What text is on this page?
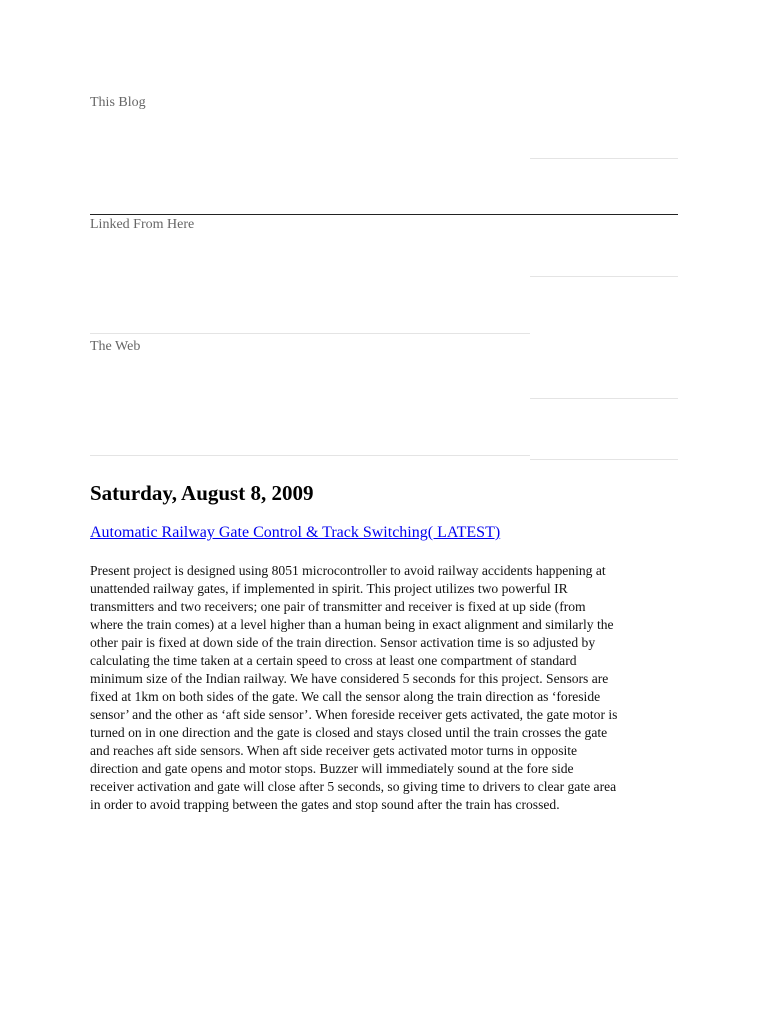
This Blog
Linked From Here
The Web
Saturday, August 8, 2009
Automatic Railway Gate Control & Track Switching( LATEST)

Present project is designed using 8051 microcontroller to avoid railway accidents happening at
unattended railway gates, if implemented in spirit. This project utilizes two powerful IR
transmitters and two receivers; one pair of transmitter and receiver is fixed at up side (from
where the train comes) at a level higher than a human being in exact alignment and similarly the
other pair is fixed at down side of the train direction. Sensor activation time is so adjusted by
calculating the time taken at a certain speed to cross at least one compartment of standard
minimum size of the Indian railway. We have considered 5 seconds for this project. Sensors are
fixed at 1km on both sides of the gate. We call the sensor along the train direction as ‘foreside
sensor’ and the other as ‘aft side sensor’. When foreside receiver gets activated, the gate motor is
turned on in one direction and the gate is closed and stays closed until the train crosses the gate
and reaches aft side sensors. When aft side receiver gets activated motor turns in opposite
direction and gate opens and motor stops. Buzzer will immediately sound at the fore side
receiver activation and gate will close after 5 seconds, so giving time to drivers to clear gate area
in order to avoid trapping between the gates and stop sound after the train has crossed.
